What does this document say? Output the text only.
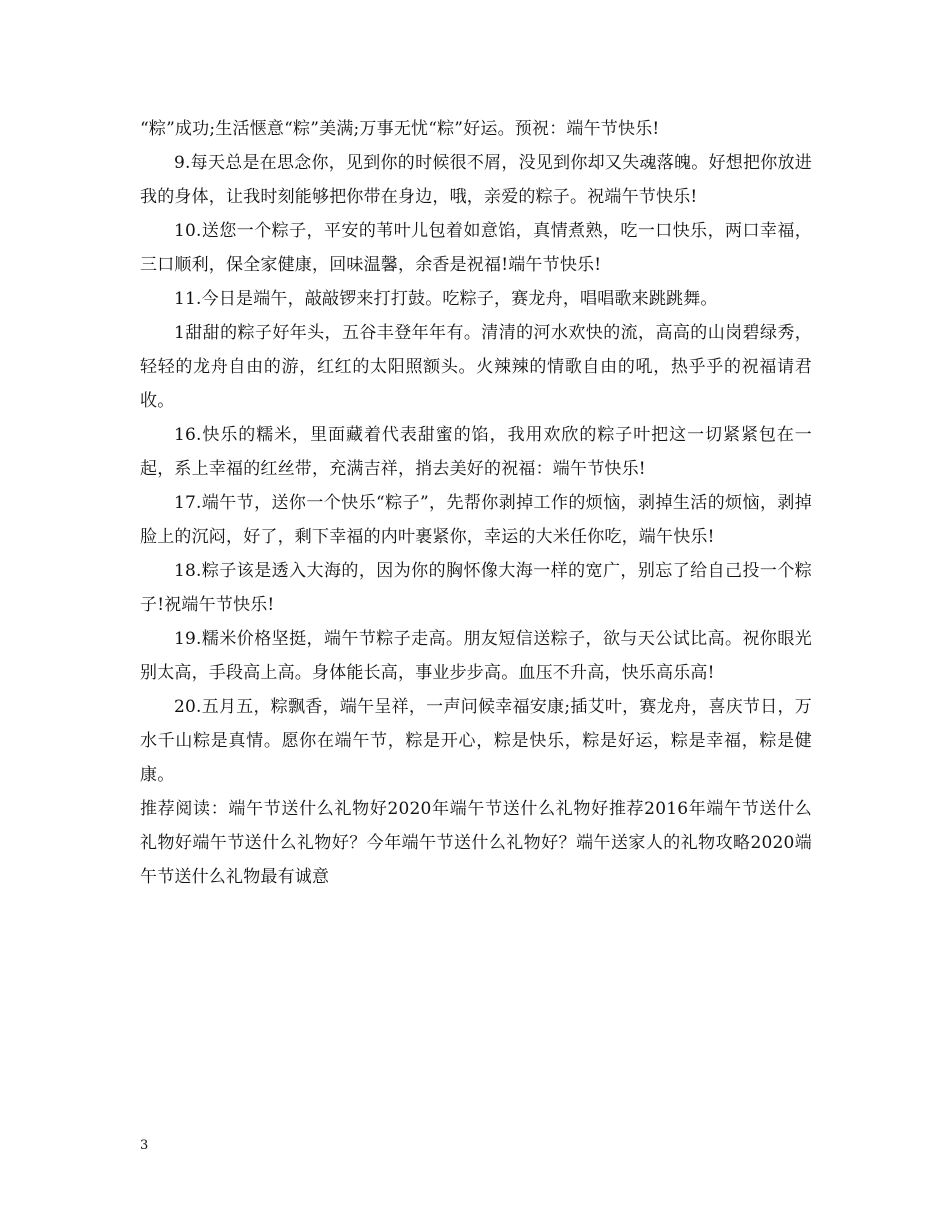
“粽”成功;生活惬意“粽”美满;万事无忧“粽”好运。预祝：端午节快乐!

9.每天总是在思念你，见到你的时候很不屑，没见到你却又失魂落魄。好想把你放进我的身体，让我时刻能够把你带在身边，哦，亲爱的粽子。祝端午节快乐!

10.送您一个粽子，平安的苇叶儿包着如意馅，真情煮熟，吃一口快乐，两口幸福，三口顺利，保全家健康，回味温馨，余香是祝福!端午节快乐!

11.今日是端午，敲敲锣来打打鼓。吃粽子，赛龙舟，唱唱歌来跳跳舞。

1甜甜的粽子好年头，五谷丰登年年有。清清的河水欢快的流，高高的山岗碧绿秀，轻轻的龙舟自由的游，红红的太阳照额头。火辣辣的情歌自由的吼，热乎乎的祝福请君收。

16.快乐的糯米，里面藏着代表甜蜜的馅，我用欢欣的粽子叶把这一切紧紧包在一起，系上幸福的红丝带，充满吉祥，捎去美好的祝福：端午节快乐!

17.端午节，送你一个快乐“粽子”，先帮你剥掉工作的烦恼，剥掉生活的烦恼，剥掉脸上的沉闷，好了，剩下幸福的内叶裹紧你，幸运的大米任你吃，端午快乐!

18.粽子该是透入大海的，因为你的胸怀像大海一样的宽广，别忘了给自己投一个粽子!祝端午节快乐!

19.糯米价格坚挺，端午节粽子走高。朋友短信送粽子，欲与天公试比高。祝你眼光别太高，手段高上高。身体能长高，事业步步高。血压不升高，快乐高乐高!

20.五月五，粽飘香，端午呈祥，一声问候幸福安康;插艾叶，赛龙舟，喜庆节日，万水千山粽是真情。愿你在端午节，粽是开心，粽是快乐，粽是好运，粽是幸福，粽是健康。

推荐阅读：端午节送什么礼物好2020年端午节送什么礼物好推荐2016年端午节送什么礼物好端午节送什么礼物好？今年端午节送什么礼物好？端午送家人的礼物攻略2020端午节送什么礼物最有诚意

3
